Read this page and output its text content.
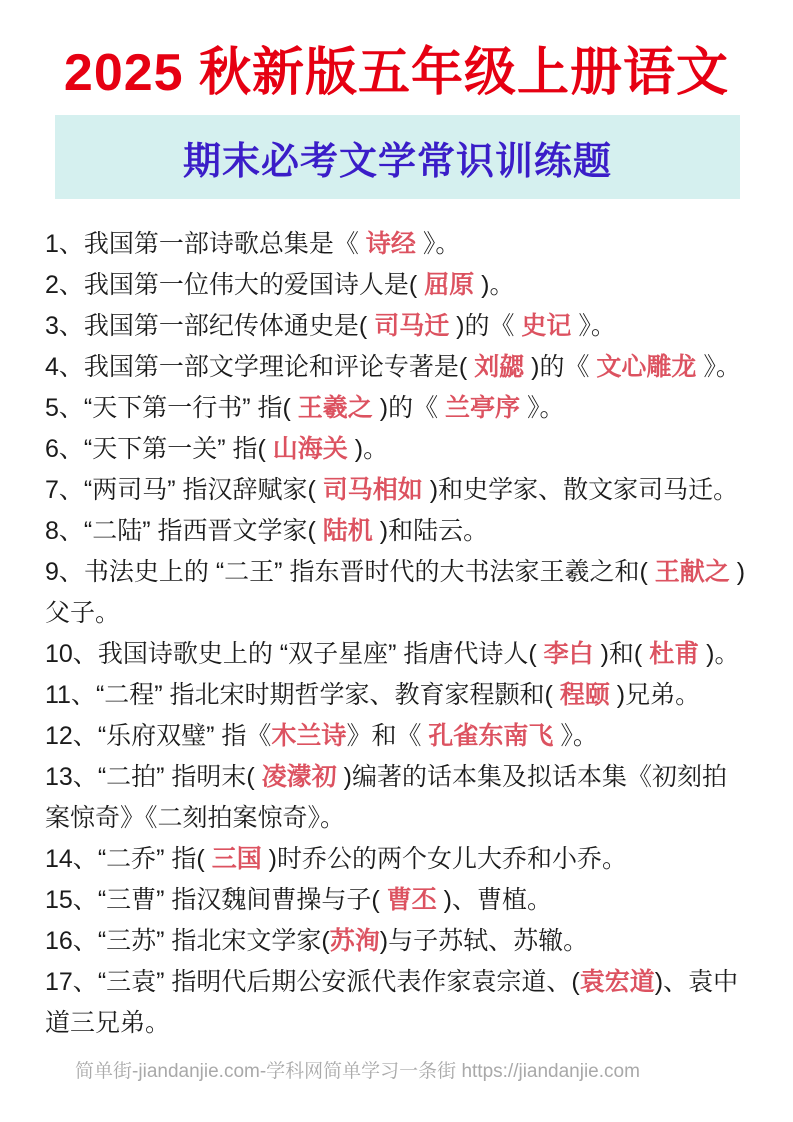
2025 秋新版五年级上册语文
期末必考文学常识训练题

1、我国第一部诗歌总集是《 诗经 》。

2、我国第一位伟大的爱国诗人是( 屈原 )。

3、我国第一部纪传体通史是( 司马迁 )的《 史记 》。

4、我国第一部文学理论和评论专著是( 刘勰 )的《 文心雕龙 》。

5、“天下第一行书” 指( 王羲之 )的《 兰亭序 》。

6、“天下第一关” 指( 山海关 )。

7、“两司马” 指汉辞赋家( 司马相如 )和史学家、散文家司马迁。

8、“二陆” 指西晋文学家( 陆机 )和陆云。

9、书法史上的 “二王” 指东晋时代的大书法家王羲之和( 王献之 )父子。

10、我国诗歌史上的 “双子星座” 指唐代诗人( 李白 )和( 杜甫 )。

11、“二程” 指北宋时期哲学家、教育家程颢和( 程颐 )兄弟。

12、“乐府双璧” 指《木兰诗》和《 孔雀东南飞 》。

13、“二拍” 指明末( 凌濛初 )编著的话本集及拟话本集《初刻拍案惊奇》《二刻拍案惊奇》。

14、“二乔” 指( 三国 )时乔公的两个女儿大乔和小乔。

15、“三曹” 指汉魏间曹操与子( 曹丕 )、曹植。

16、“三苏” 指北宋文学家(苏洵)与子苏轼、苏辙。

17、“三袁” 指明代后期公安派代表作家袁宗道、(袁宏道)、袁中道三兄弟。

简单街-jiandanjie.com-学科网简单学习一条街 https://jiandanjie.com
